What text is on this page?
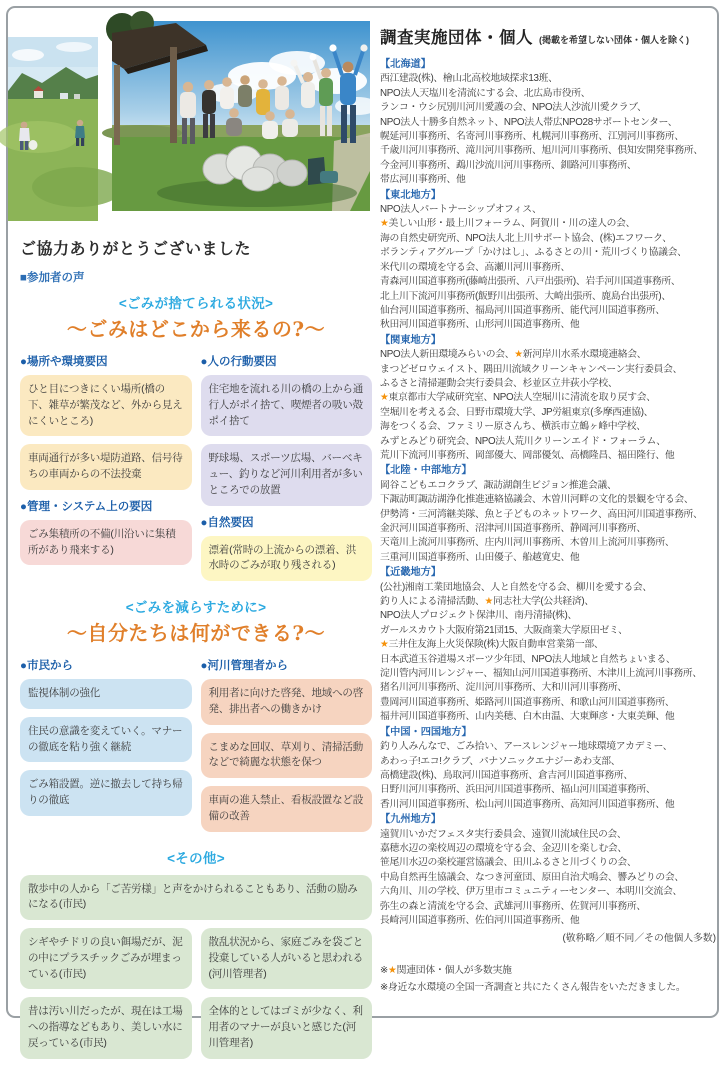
ご協力ありがとうございました
■参加者の声
<ごみが捨てられる状況>
〜ごみはどこから来るの?〜
●場所や環境要因
ひと目につきにくい場所(橋の下、雑草が繁茂など、外から見えにくいところ)
車両通行が多い堤防道路、信号待ちの車両からの不法投棄
●管理・システム上の要因
ごみ集積所の不備(川沿いに集積所があり飛来する)
●人の行動要因
住宅地を流れる川の橋の上から通行人がポイ捨て、喫煙者の吸い殻ポイ捨て
野球場、スポーツ広場、バーベキュー、釣りなど河川利用者が多いところでの放置
●自然要因
漂着(常時の上流からの漂着、洪水時のごみが取り残される)
<ごみを減らすために>
〜自分たちは何ができる?〜
●市民から
監視体制の強化
住民の意識を変えていく。マナーの徹底を粘り強く継続
ごみ箱設置。逆に撤去して持ち帰りの徹底
●河川管理者から
利用者に向けた啓発、地域への啓発、排出者への働きかけ
こまめな回収、草刈り、清掃活動などで綺麗な状態を保つ
車両の進入禁止、看板設置など設備の改善
<その他>
散歩中の人から「ご苦労様」と声をかけられることもあり、活動の励みになる(市民)
シギやチドリの良い餌場だが、泥の中にプラスチックごみが埋まっている(市民)
昔は汚い川だったが、現在は工場への指導などもあり、美しい水に戻っている(市民)
散乱状況から、家庭ごみを袋ごと投棄している人がいると思われる(河川管理者)
全体的としてはゴミが少なく、利用者のマナーが良いと感じた(河川管理者)
調査実施団体・個人 (掲載を希望しない団体・個人を除く)
【北海道】
西江建設(株)、檜山北高校地域探求13班、
NPO法人天塩川を清流にする会、北広島市役所、
ランコ・ウシ尻別川河川愛護の会、NPO法人沙流川愛クラブ、
NPO法人十勝多自然ネット、NPO法人帯広NPO28サポートセンター、
幌延河川事務所、名寄河川事務所、札幌河川事務所、江別河川事務所、
千歳川河川事務所、滝川河川事務所、旭川河川事務所、倶知安開発事務所、
今金河川事務所、鵡川沙流川河川事務所、釧路河川事務所、
帯広河川事務所、他
【東北地方】
NPO法人パートナーシップオフィス、
★美しい山形・最上川フォーラム、阿賀川・川の達人の会、
海の自然史研究所、NPO法人北上川サポート協会、(株)エフワーク、
ボランティアグループ「かけはし」、ふるさとの川・荒川づくり協議会、
米代川の環境を守る会、高瀬川河川事務所、
青森河川国道事務所(藤崎出張所、八戸出張所)、岩手河川国道事務所、
北上川下流河川事務所(飯野川出張所、大崎出張所、鹿島台出張所)、
仙台河川国道事務所、福島河川国道事務所、能代河川国道事務所、
秋田河川国道事務所、山形河川国道事務所、他
【関東地方】
NPO法人新田環境みらいの会、★新河岸川水系水環境連絡会、
まつどゼロウェイスト、隅田川流域クリーンキャンペーン実行委員会、
ふるさと清掃運動会実行委員会、杉並区立井荻小学校、
★東京都市大学咸研究室、NPO法人空堀川に清流を取り戻す会、
空堀川を考える会、日野市環境大学、JP労組東京(多摩西連協)、
海をつくる会、ファミリー原さんち、横浜市立鶴ヶ峰中学校、
みずとみどり研究会、NPO法人荒川クリーンエイド・フォーラム、
荒川下流河川事務所、岡部優大、岡部優気、高橋隆昌、福田隆行、他
【北陸・中部地方】
岡谷こどもエコクラブ、諏訪湖創生ビジョン推進会議、
下諏訪町諏訪湖浄化推進連絡協議会、木曽川河畔の文化的景観を守る会、
伊勢湾・三河湾継美隊、魚と子どものネットワーク、高田河川国道事務所、
金沢河川国道事務所、沼津河川国道事務所、静岡河川事務所、
天竜川上流河川事務所、庄内川河川事務所、木曽川上流河川事務所、
三重河川国道事務所、山田優子、船越寛史、他
【近畿地方】
(公社)湘南工業団地協会、人と自然を守る会、柳川を愛する会、
釣り人による清掃活動、★同志社大学(公共経済)、
NPO法人プロジェクト保津川、南丹清掃(株)、
ガールスカウト大阪府第21団15、大阪商業大学原田ゼミ、
★三井住友海上火災保険(株)大阪自動車営業第一部、
日本武道玉谷道場スポーツ少年団、NPO法人地域と自然ちょいまる、
淀川管内河川レンジャー、福知山河川国道事務所、木津川上流河川事務所、
猪名川河川事務所、淀川河川事務所、大和川河川事務所、
豊岡河川国道事務所、姫路河川国道事務所、和歌山河川国道事務所、
福井河川国道事務所、山内美穂、白木由温、大東輝彦・大東美輝、他
【中国・四国地方】
釣り人みんなで、ごみ拾い、アースレンジャー地球環境アカデミー、
あわっ子!エコ!クラブ、パナソニックエナジーあわ支部、
高橋建設(株)、鳥取河川国道事務所、倉吉河川国道事務所、
日野川河川事務所、浜田河川国道事務所、福山河川国道事務所、
香川河川国道事務所、松山河川国道事務所、高知河川国道事務所、他
【九州地方】
遠賀川いかだフェスタ実行委員会、遠賀川流域住民の会、
嘉穂水辺の楽校周辺の環境を守る会、金辺川を楽しむ会、
笹尾川水辺の楽校運営協議会、田川ふるさと川づくりの会、
中島自然再生協議会、なつき河童団、原田自治犬鳴会、響みどりの会、
六角川、川の学校、伊万里市コミュニティーセンター、本明川交流会、
弥生の森と清流を守る会、武雄河川事務所、佐賀河川事務所、
長崎河川国道事務所、佐伯河川国道事務所、他
(敬称略／順不同／その他個人多数)
※★関連団体・個人が多数実施
※身近な水環境の全国一斉調査と共にたくさん報告をいただきました。
